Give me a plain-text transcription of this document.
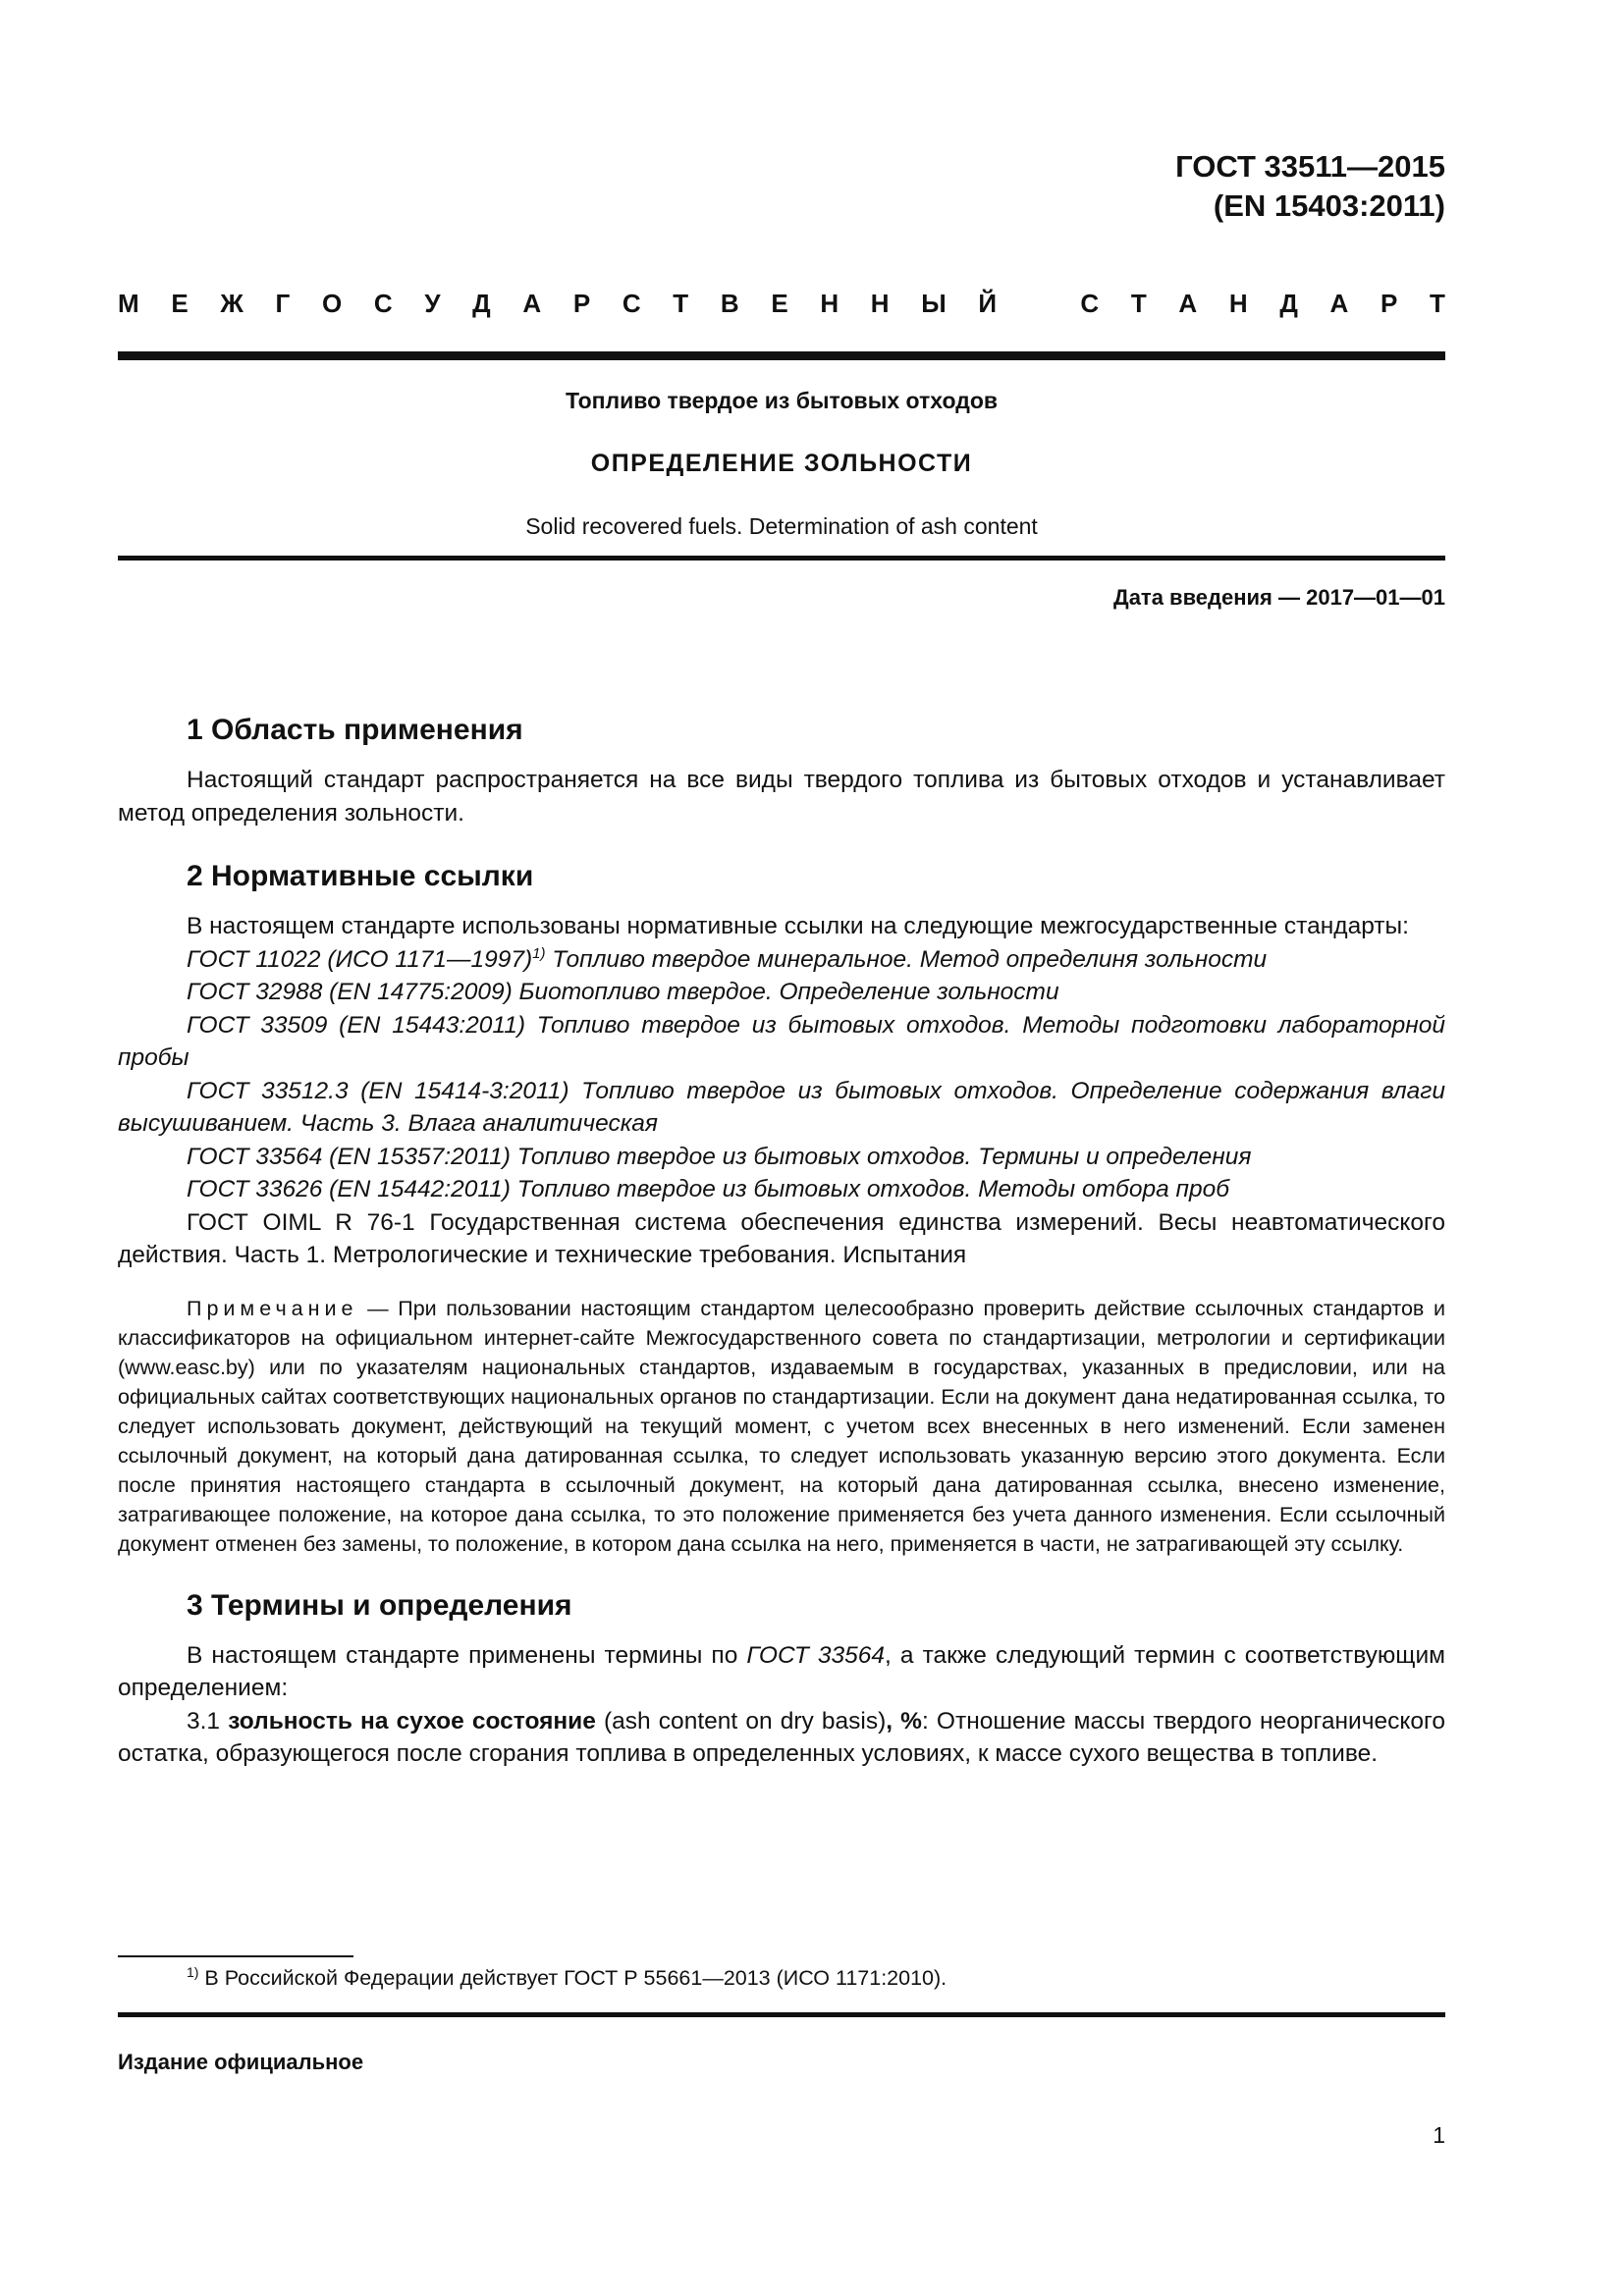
ГОСТ 33511—2015
(EN 15403:2011)
М Е Ж Г О С У Д А Р С Т В Е Н Н Ы Й	С Т А Н Д А Р Т
Топливо твердое из бытовых отходов
ОПРЕДЕЛЕНИЕ ЗОЛЬНОСТИ
Solid recovered fuels. Determination of ash content
Дата введения — 2017—01—01
1 Область применения

Настоящий стандарт распространяется на все виды твердого топлива из бытовых отходов и устанавливает метод определения зольности.

2 Нормативные ссылки

В настоящем стандарте использованы нормативные ссылки на следующие межгосударственные стандарты:

ГОСТ 11022 (ИСО 1171—1997)$^{1)}$ Топливо твердое минеральное. Метод определиня зольности

ГОСТ 32988 (EN 14775:2009) Биотопливо твердое. Определение зольности

ГОСТ 33509 (EN 15443:2011) Топливо твердое из бытовых отходов. Методы подготовки лабораторной пробы

ГОСТ 33512.3 (EN 15414-3:2011) Топливо твердое из бытовых отходов. Определение содержания влаги высушиванием. Часть 3. Влага аналитическая

ГОСТ 33564 (EN 15357:2011) Топливо твердое из бытовых отходов. Термины и определения

ГОСТ 33626 (EN 15442:2011) Топливо твердое из бытовых отходов. Методы отбора проб

ГОСТ OIML R 76-1 Государственная система обеспечения единства измерений. Весы неавтоматического действия. Часть 1. Метрологические и технические требования. Испытания

Примечание — При пользовании настоящим стандартом целесообразно проверить действие ссылочных стандартов и классификаторов на официальном интернет-сайте Межгосударственного совета по стандартизации, метрологии и сертификации (www.easc.by) или по указателям национальных стандартов, издаваемым в государствах, указанных в предисловии, или на официальных сайтах соответствующих национальных органов по стандартизации. Если на документ дана недатированная ссылка, то следует использовать документ, действующий на текущий момент, с учетом всех внесенных в него изменений. Если заменен ссылочный документ, на который дана датированная ссылка, то следует использовать указанную версию этого документа. Если после принятия настоящего стандарта в ссылочный документ, на который дана датированная ссылка, внесено изменение, затрагивающее положение, на которое дана ссылка, то это положение применяется без учета данного изменения. Если ссылочный документ отменен без замены, то положение, в котором дана ссылка на него, применяется в части, не затрагивающей эту ссылку.

3 Термины и определения

В настоящем стандарте применены термины по ГОСТ 33564, а также следующий термин с соответствующим определением:

3.1 зольность на сухое состояние (ash content on dry basis), %: Отношение массы твердого неорганического остатка, образующегося после сгорания топлива в определенных условиях, к массе сухого вещества в топливе.

$^{1)}$ В Российской Федерации действует ГОСТ Р 55661—2013 (ИСО 1171:2010).
Издание официальное
1
